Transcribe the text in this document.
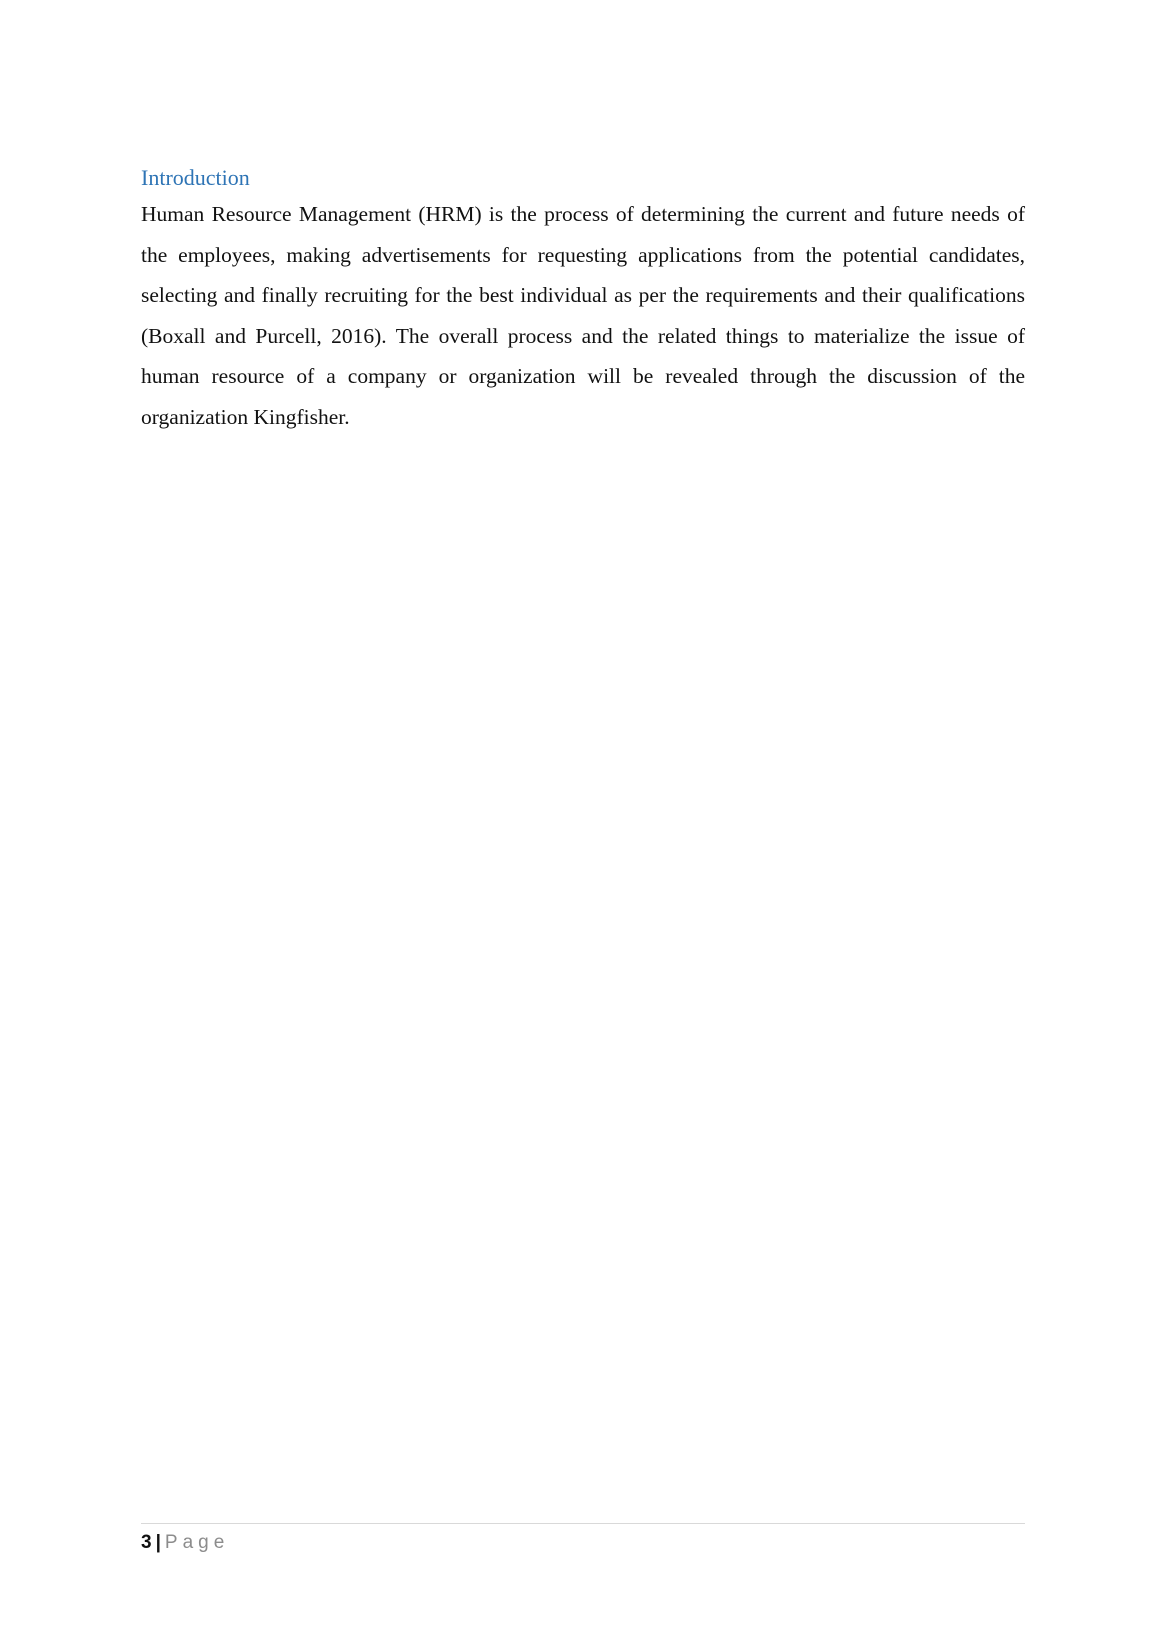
Introduction

Human Resource Management (HRM) is the process of determining the current and future needs of the employees, making advertisements for requesting applications from the potential candidates, selecting and finally recruiting for the best individual as per the requirements and their qualifications (Boxall and Purcell, 2016). The overall process and the related things to materialize the issue of human resource of a company or organization will be revealed through the discussion of the organization Kingfisher.

3 | Page
